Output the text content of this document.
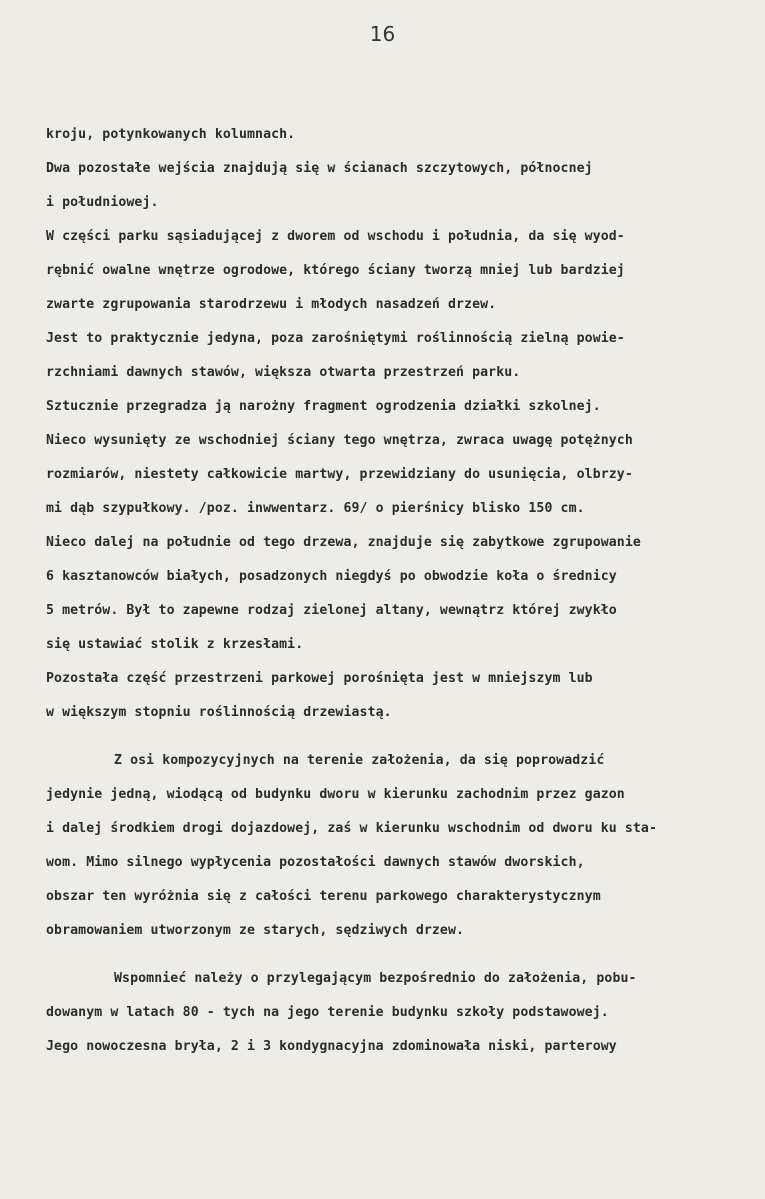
16
kroju, potynkowanych kolumnach.
Dwa pozostałe wejścia znajdują się w ścianach szczytowych, północnej
i południowej.
W części parku sąsiadującej z dworem od wschodu i południa, da się wyod-
rębnić owalne wnętrze ogrodowe, którego ściany tworzą mniej lub bardziej
zwarte zgrupowania starodrzewu i młodych nasadzeń drzew.
Jest to praktycznie jedyna, poza zarośniętymi roślinnością zielną powie-
rzchniami dawnych stawów, większa otwarta przestrzeń parku.
Sztucznie przegradza ją narożny fragment ogrodzenia działki szkolnej.
Nieco wysunięty ze wschodniej ściany tego wnętrza, zwraca uwagę potężnych
rozmiarów, niestety całkowicie martwy, przewidziany do usunięcia, olbrzy-
mi dąb szypułkowy. /poz. inwwentarz. 69/ o pierśnicy blisko 150 cm.
Nieco dalej na południe od tego drzewa, znajduje się zabytkowe zgrupowanie
6 kasztanowców białych, posadzonych niegdyś po obwodzie koła o średnicy
5 metrów. Był to zapewne rodzaj zielonej altany, wewnątrz której zwykło
się ustawiać stolik z krzesłami.
Pozostała część przestrzeni parkowej porośnięta jest w mniejszym lub
w większym stopniu roślinnością drzewiastą.
Z osi kompozycyjnych na terenie założenia, da się poprowadzić
jedynie jedną, wiodącą od budynku dworu w kierunku zachodnim przez gazon
i dalej środkiem drogi dojazdowej, zaś w kierunku wschodnim od dworu ku sta-
wom. Mimo silnego wypłycenia pozostałości dawnych stawów dworskich,
obszar ten wyróżnia się z całości terenu parkowego charakterystycznym
obramowaniem utworzonym ze starych, sędziwych drzew.
Wspomnieć należy o przylegającym bezpośrednio do założenia, pobu-
dowanym w latach 80 - tych na jego terenie budynku szkoły podstawowej.
Jego nowoczesna bryła, 2 i 3 kondygnacyjna zdominowała niski, parterowy
